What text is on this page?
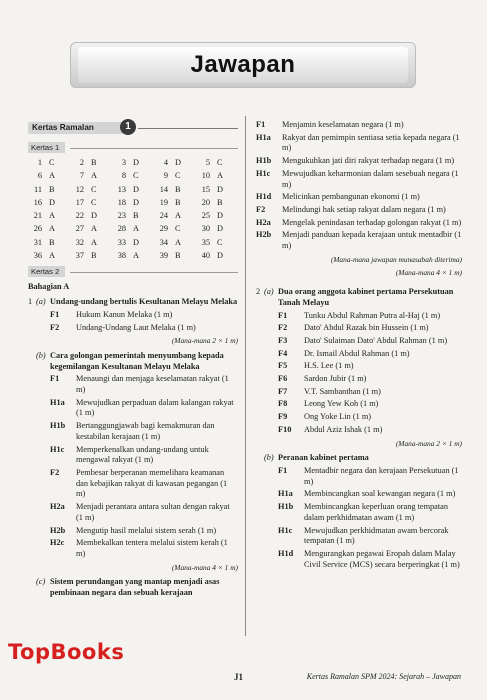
Jawapan
Kertas Ramalan	1
Kertas 1
1 C	2 B	3 D	4 D	5 C
6 A	7 A	8 C	9 C	10 A
11 B	12 C	13 D	14 B	15 D
16 D	17 C	18 D	19 B	20 B
21 A	22 D	23 B	24 A	25 D
26 A	27 A	28 A	29 C	30 D
31 B	32 A	33 D	34 A	35 C
36 A	37 B	38 A	39 B	40 D
Kertas 2
Bahagian A
1 (a) Undang-undang bertulis Kesultanan Melayu Melaka
F1	Hukum Kanun Melaka (1 m)
F2	Undang-Undang Laut Melaka (1 m)
(Mana-mana 2 × 1 m)
(b) Cara golongan pemerintah menyumbang kepada kegemilangan Kesultanan Melayu Melaka
F1	Menaungi dan menjaga keselamatan rakyat (1 m)
H1a	Mewujudkan perpaduan dalam kalangan rakyat (1 m)
H1b	Bertanggungjawab bagi kemakmuran dan kestabilan kerajaan (1 m)
H1c	Memperkenalkan undang-undang untuk mengawal rakyat (1 m)
F2	Pembesar berperanan memelihara keamanan dan kebajikan rakyat di kawasan pegangan (1 m)
H2a	Menjadi perantara antara sultan dengan rakyat (1 m)
H2b	Mengutip hasil melalui sistem serah (1 m)
H2c	Membekalkan tentera melalui sistem kerah (1 m)
(Mana-mana 4 × 1 m)
(c) Sistem perundangan yang mantap menjadi asas pembinaan negara dan sebuah kerajaan
F1	Menjamin keselamatan negara (1 m)
H1a	Rakyat dan pemimpin sentiasa setia kepada negara (1 m)
H1b	Mengukuhkan jati diri rakyat terhadap negara (1 m)
H1c	Mewujudkan keharmonian dalam sesebuah negara (1 m)
H1d	Melicinkan pembangunan ekonomi (1 m)
F2	Melindungi hak setiap rakyat dalam negara (1 m)
H2a	Mengelak penindasan terhadap golongan rakyat (1 m)
H2b	Menjadi panduan kepada kerajaan untuk mentadbir (1 m)
(Mana-mana jawapan munasabah diterima)
(Mana-mana 4 × 1 m)
2 (a) Dua orang anggota kabinet pertama Persekutuan Tanah Melayu
F1	Tunku Abdul Rahman Putra al-Haj (1 m)
F2	Dato' Abdul Razak bin Hussein (1 m)
F3	Dato' Sulaiman Dato' Abdul Rahman (1 m)
F4	Dr. Ismail Abdul Rahman (1 m)
F5	H.S. Lee (1 m)
F6	Sardon Jubir (1 m)
F7	V.T. Sambanthan (1 m)
F8	Leong Yew Koh (1 m)
F9	Ong Yoke Lin (1 m)
F10	Abdul Aziz Ishak (1 m)
(Mana-mana 2 × 1 m)
(b) Peranan kabinet pertama
F1	Mentadbir negara dan kerajaan Persekutuan (1 m)
H1a	Membincangkan soal kewangan negara (1 m)
H1b	Membincangkan keperluan orang tempatan dalam perkhidmatan awam (1 m)
H1c	Mewujudkan perkhidmatan awam bercorak tempatan (1 m)
H1d	Mengurangkan pegawai Eropah dalam Malay Civil Service (MCS) secara berperingkat (1 m)
TopBooks
J1	Kertas Ramalan SPM 2024: Sejarah – Jawapan
